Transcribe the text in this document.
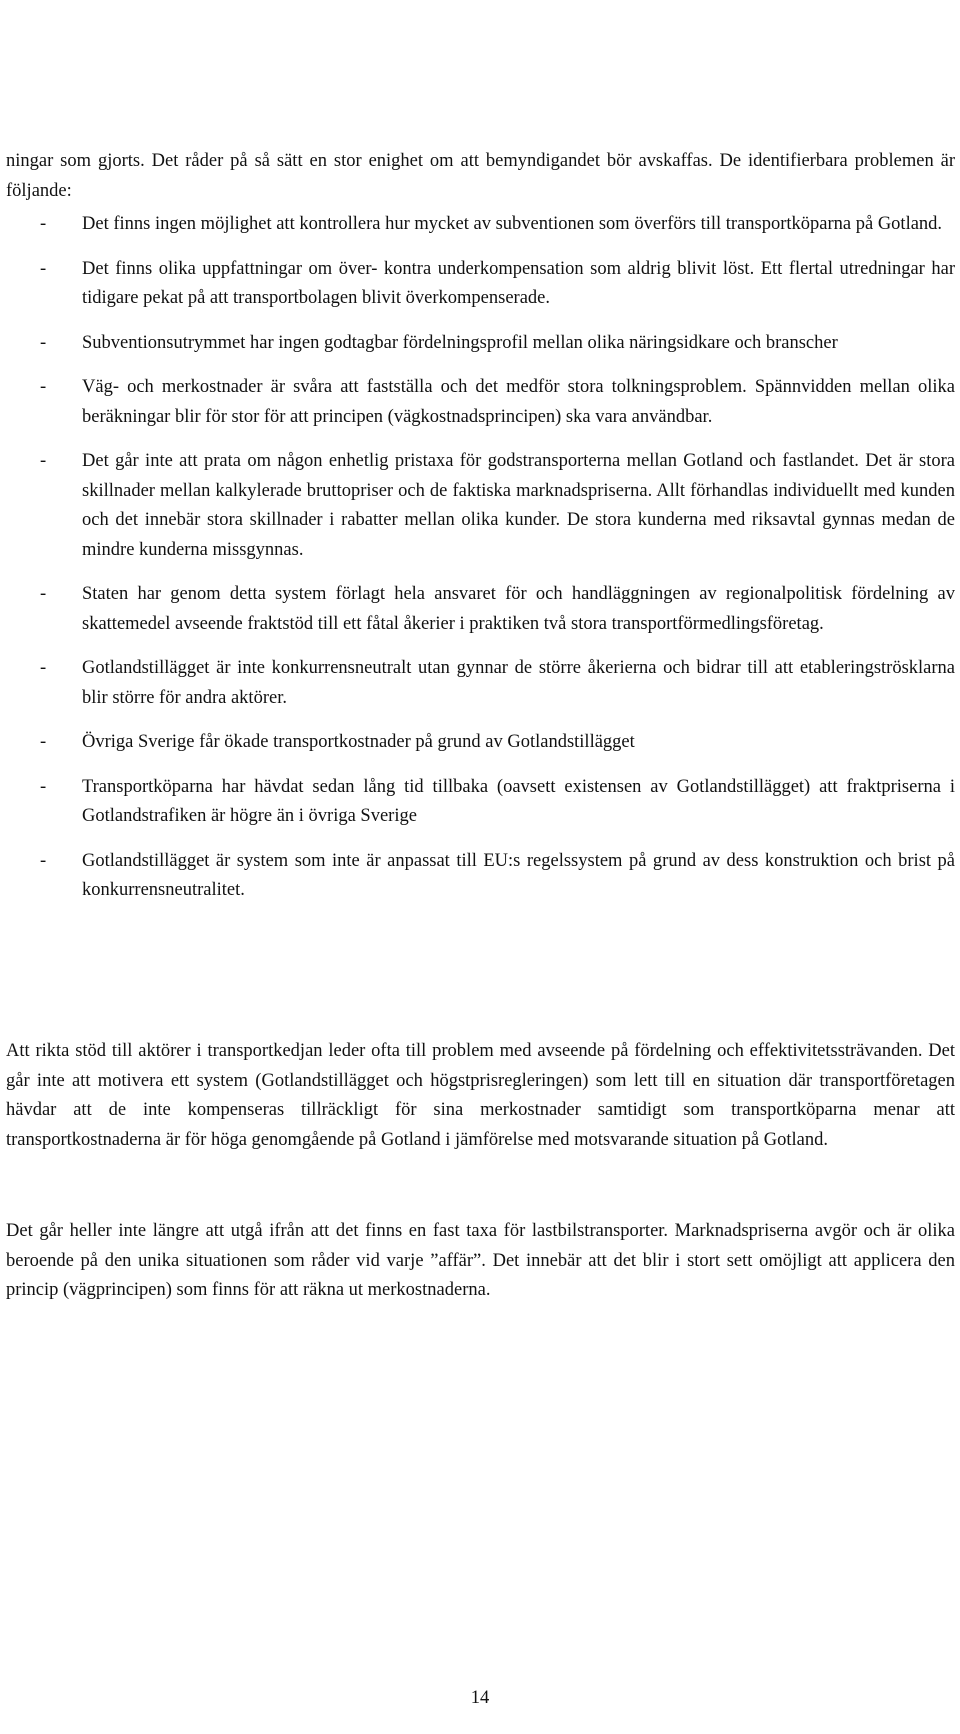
ningar som gjorts. Det råder på så sätt en stor enighet om att bemyndigandet bör avskaffas. De identifierbara problemen är följande:

- Det finns ingen möjlighet att kontrollera hur mycket av subventionen som överförs till transportköparna på Gotland.
- Det finns olika uppfattningar om över- kontra underkompensation som aldrig blivit löst. Ett flertal utredningar har tidigare pekat på att transportbolagen blivit överkompenserade.
- Subventionsutrymmet har ingen godtagbar fördelningsprofil mellan olika näringsidkare och branscher
- Väg- och merkostnader är svåra att fastställa och det medför stora tolkningsproblem. Spännvidden mellan olika beräkningar blir för stor för att principen (vägkostnadsprincipen) ska vara användbar.
- Det går inte att prata om någon enhetlig pristaxa för godstransporterna mellan Gotland och fastlandet. Det är stora skillnader mellan kalkylerade bruttopriser och de faktiska marknadspriserna. Allt förhandlas individuellt med kunden och det innebär stora skillnader i rabatter mellan olika kunder. De stora kunderna med riksavtal gynnas medan de mindre kunderna missgynnas.
- Staten har genom detta system förlagt hela ansvaret för och handläggningen av regionalpolitisk fördelning av skattemedel avseende fraktstöd till ett fåtal åkerier i praktiken två stora transportförmedlingsföretag.
- Gotlandstillägget är inte konkurrensneutralt utan gynnar de större åkerierna och bidrar till att etableringströsklarna blir större för andra aktörer.
- Övriga Sverige får ökade transportkostnader på grund av Gotlandstillägget
- Transportköparna har hävdat sedan lång tid tillbaka (oavsett existensen av Gotlandstillägget) att fraktpriserna i Gotlandstrafiken är högre än i övriga Sverige
- Gotlandstillägget är system som inte är anpassat till EU:s regelssystem på grund av dess konstruktion och brist på konkurrensneutralitet.

Att rikta stöd till aktörer i transportkedjan leder ofta till problem med avseende på fördelning och effektivitetssträvanden. Det går inte att motivera ett system (Gotlandstillägget och högstprisregleringen) som lett till en situation där transportföretagen hävdar att de inte kompenseras tillräckligt för sina merkostnader samtidigt som transportköparna menar att transportkostnaderna är för höga genomgående på Gotland i jämförelse med motsvarande situation på Gotland.

Det går heller inte längre att utgå ifrån att det finns en fast taxa för lastbilstransporter. Marknadspriserna avgör och är olika beroende på den unika situationen som råder vid varje ”affär”. Det innebär att det blir i stort sett omöjligt att applicera den princip (vägprincipen) som finns för att räkna ut merkostnaderna.

14
